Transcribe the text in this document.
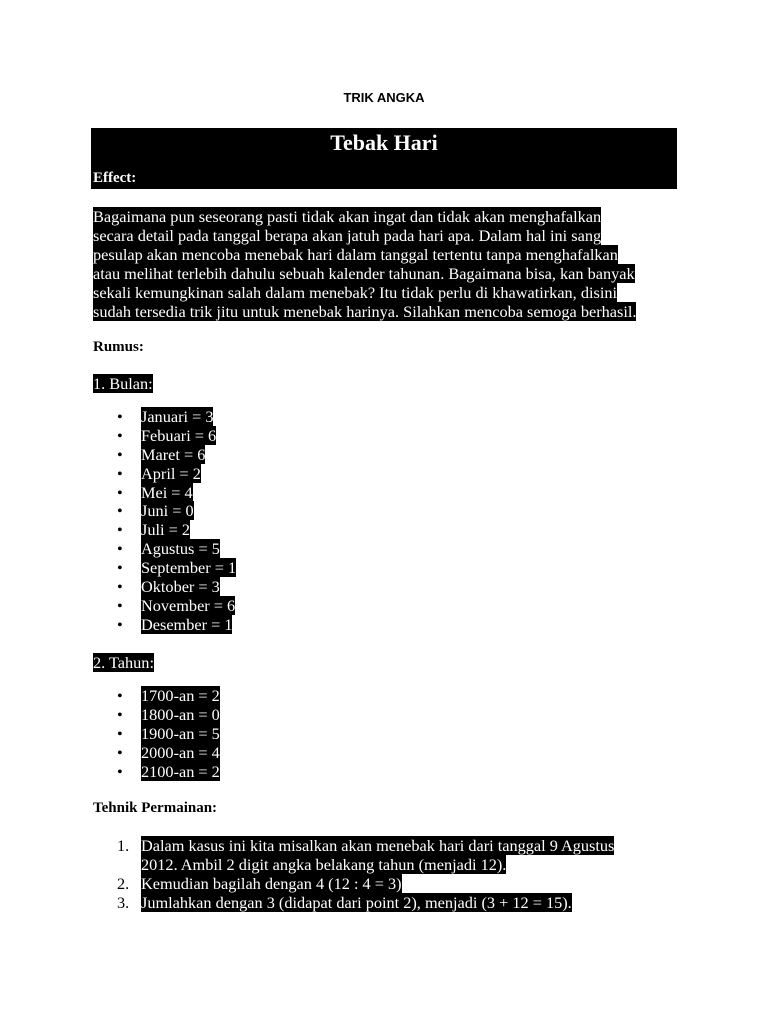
TRIK ANGKA
Tebak Hari
Effect:
Bagaimana pun seseorang pasti tidak akan ingat dan tidak akan menghafalkan
secara detail pada tanggal berapa akan jatuh pada hari apa. Dalam hal ini sang
pesulap akan mencoba menebak hari dalam tanggal tertentu tanpa menghafalkan
atau melihat terlebih dahulu sebuah kalender tahunan. Bagaimana bisa, kan banyak
sekali kemungkinan salah dalam menebak? Itu tidak perlu di khawatirkan, disini
sudah tersedia trik jitu untuk menebak harinya. Silahkan mencoba semoga berhasil.
Rumus:
1. Bulan:
• Januari = 3
• Febuari = 6
• Maret = 6
• April = 2
• Mei = 4
• Juni = 0
• Juli = 2
• Agustus = 5
• September = 1
• Oktober = 3
• November = 6
• Desember = 1
2. Tahun:
• 1700-an = 2
• 1800-an = 0
• 1900-an = 5
• 2000-an = 4
• 2100-an = 2
Tehnik Permainan:
1. Dalam kasus ini kita misalkan akan menebak hari dari tanggal 9 Agustus
2012. Ambil 2 digit angka belakang tahun (menjadi 12).
2. Kemudian bagilah dengan 4 (12 : 4 = 3)
3. Jumlahkan dengan 3 (didapat dari point 2), menjadi (3 + 12 = 15).
